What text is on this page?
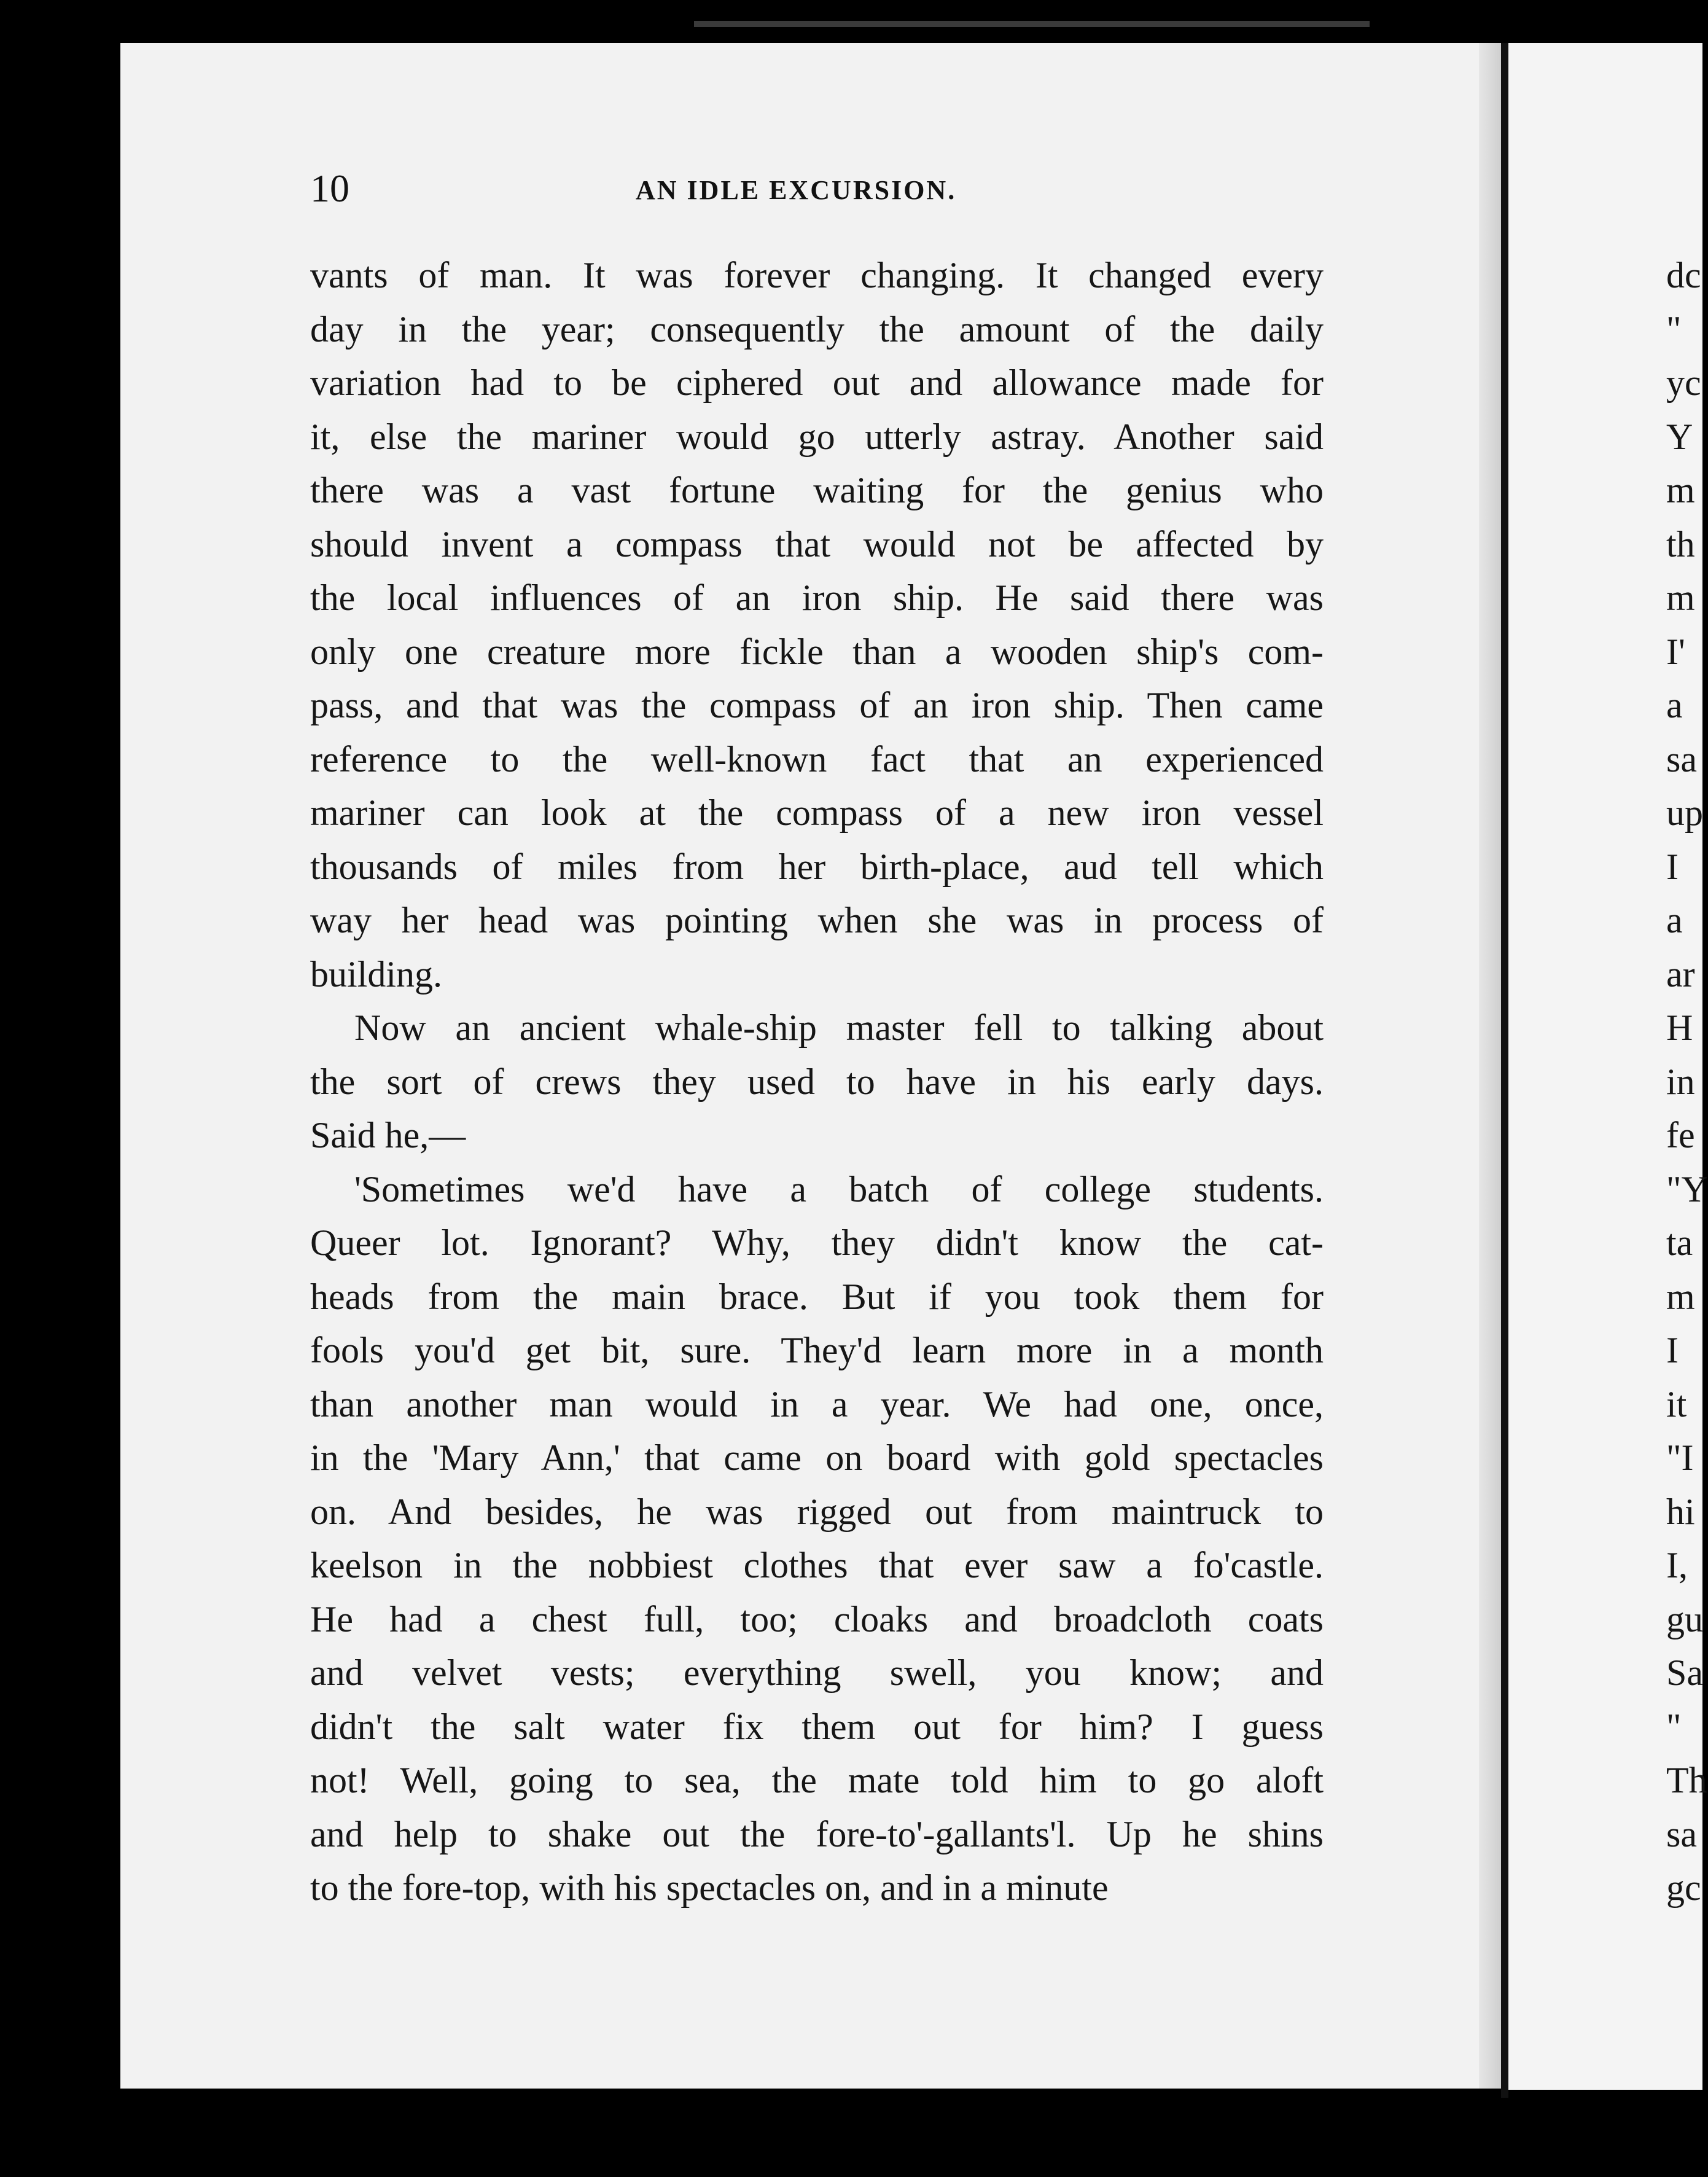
10	AN IDLE EXCURSION.
vants of man. It was forever changing. It changed every
day in the year; consequently the amount of the daily
variation had to be ciphered out and allowance made for
it, else the mariner would go utterly astray. Another said
there was a vast fortune waiting for the genius who
should invent a compass that would not be affected by
the local influences of an iron ship. He said there was
only one creature more fickle than a wooden ship's com-
pass, and that was the compass of an iron ship. Then came
reference to the well-known fact that an experienced
mariner can look at the compass of a new iron vessel
thousands of miles from her birth-place, aud tell which
way her head was pointing when she was in process of
building.
Now an ancient whale-ship master fell to talking about
the sort of crews they used to have in his early days.
Said he,—
'Sometimes we'd have a batch of college students.
Queer lot. Ignorant? Why, they didn't know the cat-
heads from the main brace. But if you took them for
fools you'd get bit, sure. They'd learn more in a month
than another man would in a year. We had one, once,
in the 'Mary Ann,' that came on board with gold spectacles
on. And besides, he was rigged out from maintruck to
keelson in the nobbiest clothes that ever saw a fo'castle.
He had a chest full, too; cloaks and broadcloth coats
and velvet vests; everything swell, you know; and
didn't the salt water fix them out for him? I guess
not! Well, going to sea, the mate told him to go aloft
and help to shake out the fore-to'-gallants'l. Up he shins
to the fore-top, with his spectacles on, and in a minute
dc
"
yc
Y
m
th
m
I'
a
sa
up
I
a
ar
H
in
fe
"Y
ta
m
I
it
"I
hi
I,
gu
Sa
"
Th
sa
gc
